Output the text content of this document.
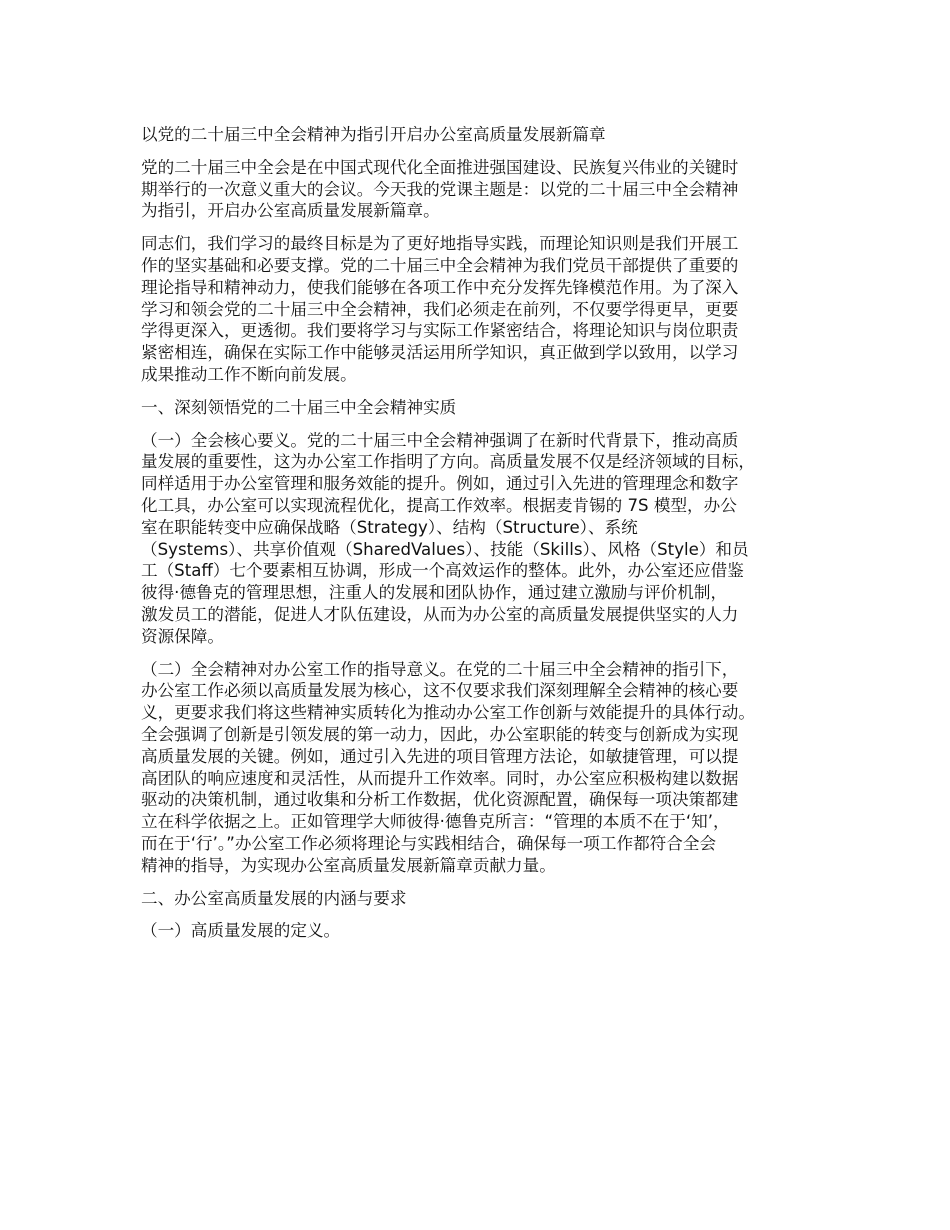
以党的二十届三中全会精神为指引开启办公室高质量发展新篇章

党的二十届三中全会是在中国式现代化全面推进强国建设、民族复兴伟业的关键时
期举行的一次意义重大的会议。今天我的党课主题是：以党的二十届三中全会精神
为指引，开启办公室高质量发展新篇章。

同志们，我们学习的最终目标是为了更好地指导实践，而理论知识则是我们开展工
作的坚实基础和必要支撑。党的二十届三中全会精神为我们党员干部提供了重要的
理论指导和精神动力，使我们能够在各项工作中充分发挥先锋模范作用。为了深入
学习和领会党的二十届三中全会精神，我们必须走在前列，不仅要学得更早，更要
学得更深入，更透彻。我们要将学习与实际工作紧密结合，将理论知识与岗位职责
紧密相连，确保在实际工作中能够灵活运用所学知识，真正做到学以致用，以学习
成果推动工作不断向前发展。

一、深刻领悟党的二十届三中全会精神实质

（一）全会核心要义。党的二十届三中全会精神强调了在新时代背景下，推动高质
量发展的重要性，这为办公室工作指明了方向。高质量发展不仅是经济领域的目标，
同样适用于办公室管理和服务效能的提升。例如，通过引入先进的管理理念和数字
化工具，办公室可以实现流程优化，提高工作效率。根据麦肯锡的 7S 模型，办公
室在职能转变中应确保战略（Strategy）、结构（Structure）、系统
（Systems）、共享价值观（SharedValues）、技能（Skills）、风格（Style）和员
工（Staff）七个要素相互协调，形成一个高效运作的整体。此外，办公室还应借鉴
彼得·德鲁克的管理思想，注重人的发展和团队协作，通过建立激励与评价机制，
激发员工的潜能，促进人才队伍建设，从而为办公室的高质量发展提供坚实的人力
资源保障。

（二）全会精神对办公室工作的指导意义。在党的二十届三中全会精神的指引下，
办公室工作必须以高质量发展为核心，这不仅要求我们深刻理解全会精神的核心要
义，更要求我们将这些精神实质转化为推动办公室工作创新与效能提升的具体行动。
全会强调了创新是引领发展的第一动力，因此，办公室职能的转变与创新成为实现
高质量发展的关键。例如，通过引入先进的项目管理方法论，如敏捷管理，可以提
高团队的响应速度和灵活性，从而提升工作效率。同时，办公室应积极构建以数据
驱动的决策机制，通过收集和分析工作数据，优化资源配置，确保每一项决策都建
立在科学依据之上。正如管理学大师彼得·德鲁克所言：“管理的本质不在于‘知’，
而在于‘行’。”办公室工作必须将理论与实践相结合，确保每一项工作都符合全会
精神的指导，为实现办公室高质量发展新篇章贡献力量。

二、办公室高质量发展的内涵与要求

（一）高质量发展的定义。
